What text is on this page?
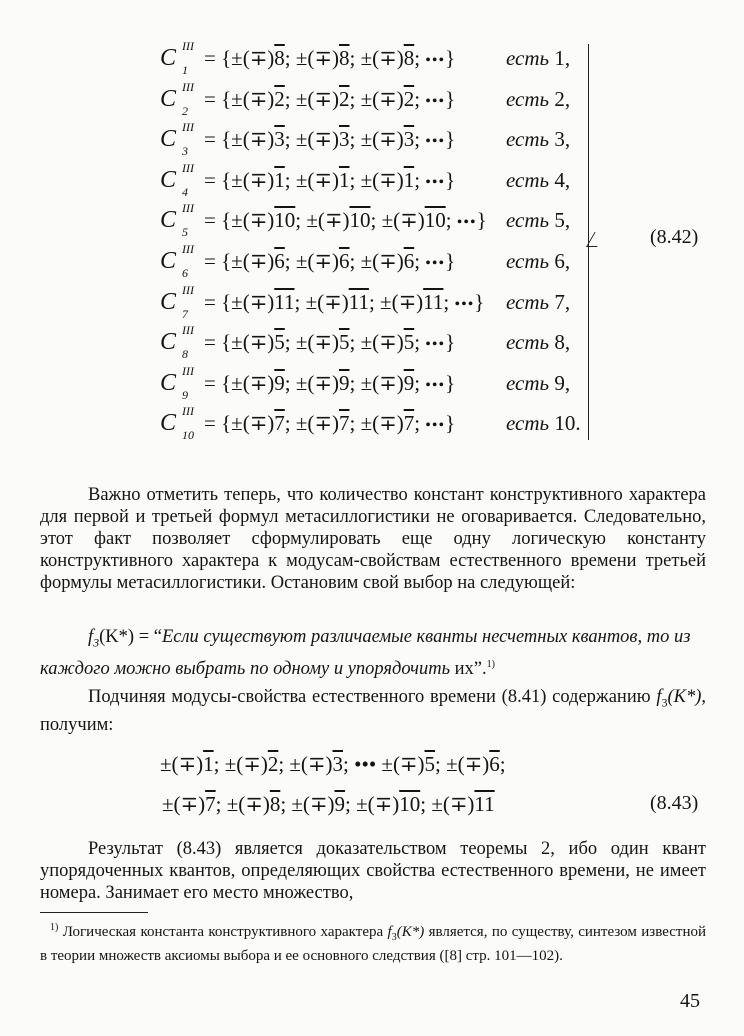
C III
1 = {±(∓)8; ±(∓)8; ±(∓)8; •••} есть 1,
C III
2 = {±(∓)2; ±(∓)2; ±(∓)2; •••} есть 2,
C III
3 = {±(∓)3; ±(∓)3; ±(∓)3; •••} есть 3,
C III
4 = {±(∓)1; ±(∓)1; ±(∓)1; •••} есть 4,
C III
5 = {±(∓)10; ±(∓)10; ±(∓)10; •••} есть 5,
C III
6 = {±(∓)6; ±(∓)6; ±(∓)6; •••} есть 6,
C III
7 = {±(∓)11; ±(∓)11; ±(∓)11; •••} есть 7,
C III
8 = {±(∓)5; ±(∓)5; ±(∓)5; •••} есть 8,
C III
9 = {±(∓)9; ±(∓)9; ±(∓)9; •••} есть 9,
C III
10 = {±(∓)7; ±(∓)7; ±(∓)7; •••} есть 10.
(8.42)

Важно отметить теперь, что количество констант конструктивного характера для первой и третьей формул метасиллогистики не оговаривается. Следовательно, этот факт позволяет сформулировать еще одну логическую константу конструктивного характера к модусам-свойствам естественного времени третьей формулы метасиллогистики. Остановим свой выбор на следующей:

$f_3(K*)$ = “Если существуют различаемые кванты несчетных квантов, то из каждого можно выбрать по одному и упорядочить их”.$^{1)}$

Подчиняя модусы-свойства естественного времени (8.41) содержанию $f_3(K*)$, получим:

±(∓)1; ±(∓)2; ±(∓)3; ••• ±(∓)5; ±(∓)6;
±(∓)7; ±(∓)8; ±(∓)9; ±(∓)10; ±(∓)11	(8.43)

Результат (8.43) является доказательством теоремы 2, ибо один квант упорядоченных квантов, определяющих свойства естественного времени, не имеет номера. Занимает его место множество,

$^{1)}$ Логическая константа конструктивного характера $f_3(K*)$ является, по существу, синтезом известной в теории множеств аксиомы выбора и ее основного следствия ([8] стр. 101—102).

45
